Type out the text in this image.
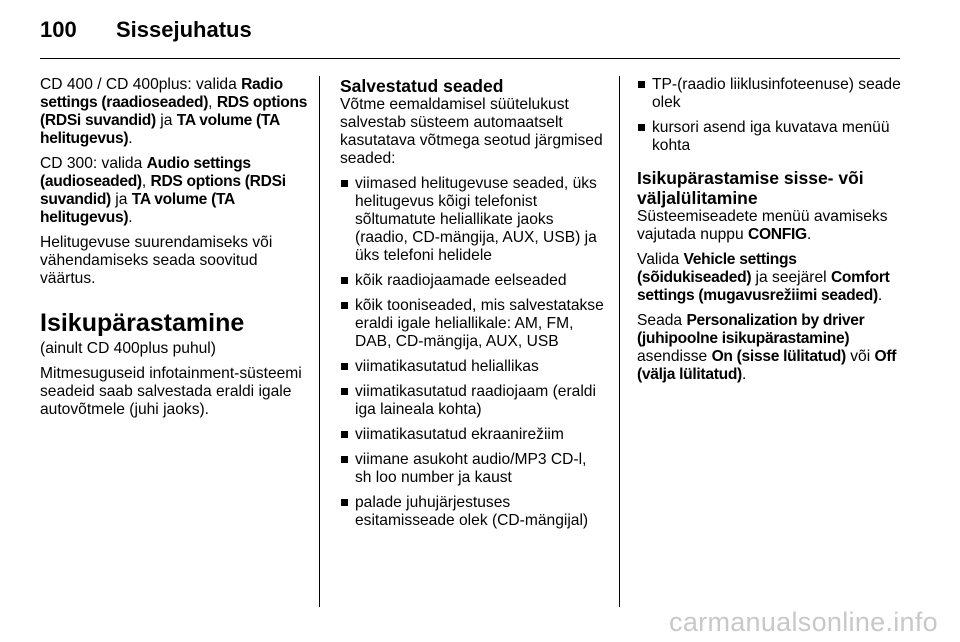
100 Sissejuhatus

CD 400 / CD 400plus: valida Radio settings (raadioseaded), RDS options (RDSi suvandid) ja TA volume (TA helitugevus).

CD 300: valida Audio settings (audioseaded), RDS options (RDSi suvandid) ja TA volume (TA helitugevus).

Helitugevuse suurendamiseks või vähendamiseks seada soovitud väärtus.

Isikupärastamine

(ainult CD 400plus puhul)

Mitmesuguseid infotainment-süsteemi seadeid saab salvestada eraldi igale autovõtmele (juhi jaoks).

Salvestatud seaded

Võtme eemaldamisel süütelukust salvestab süsteem automaatselt kasutatava võtmega seotud järgmised seaded:

viimased helitugevuse seaded, üks helitugevus kõigi telefonist sõltumatute heliallikate jaoks (raadio, CD-mängija, AUX, USB) ja üks telefoni helidele
kõik raadiojaamade eelseaded
kõik tooniseaded, mis salvestatakse eraldi igale heliallikale: AM, FM, DAB, CD-mängija, AUX, USB
viimatikasutatud heliallikas
viimatikasutatud raadiojaam (eraldi iga laineala kohta)
viimatikasutatud ekraanirežiim
viimane asukoht audio/MP3 CD-l, sh loo number ja kaust
palade juhujärjestuses esitamisseade olek (CD-mängijal)
TP-(raadio liiklusinfoteenuse) seade olek
kursori asend iga kuvatava menüü kohta
Isikupärastamise sisse- või väljalülitamine

Süsteemiseadete menüü avamiseks vajutada nuppu CONFIG.

Valida Vehicle settings (sõidukiseaded) ja seejärel Comfort settings (mugavusrežiimi seaded).

Seada Personalization by driver (juhipoolne isikupärastamine) asendisse On (sisse lülitatud) või Off (välja lülitatud).

carmanualsonline.info
